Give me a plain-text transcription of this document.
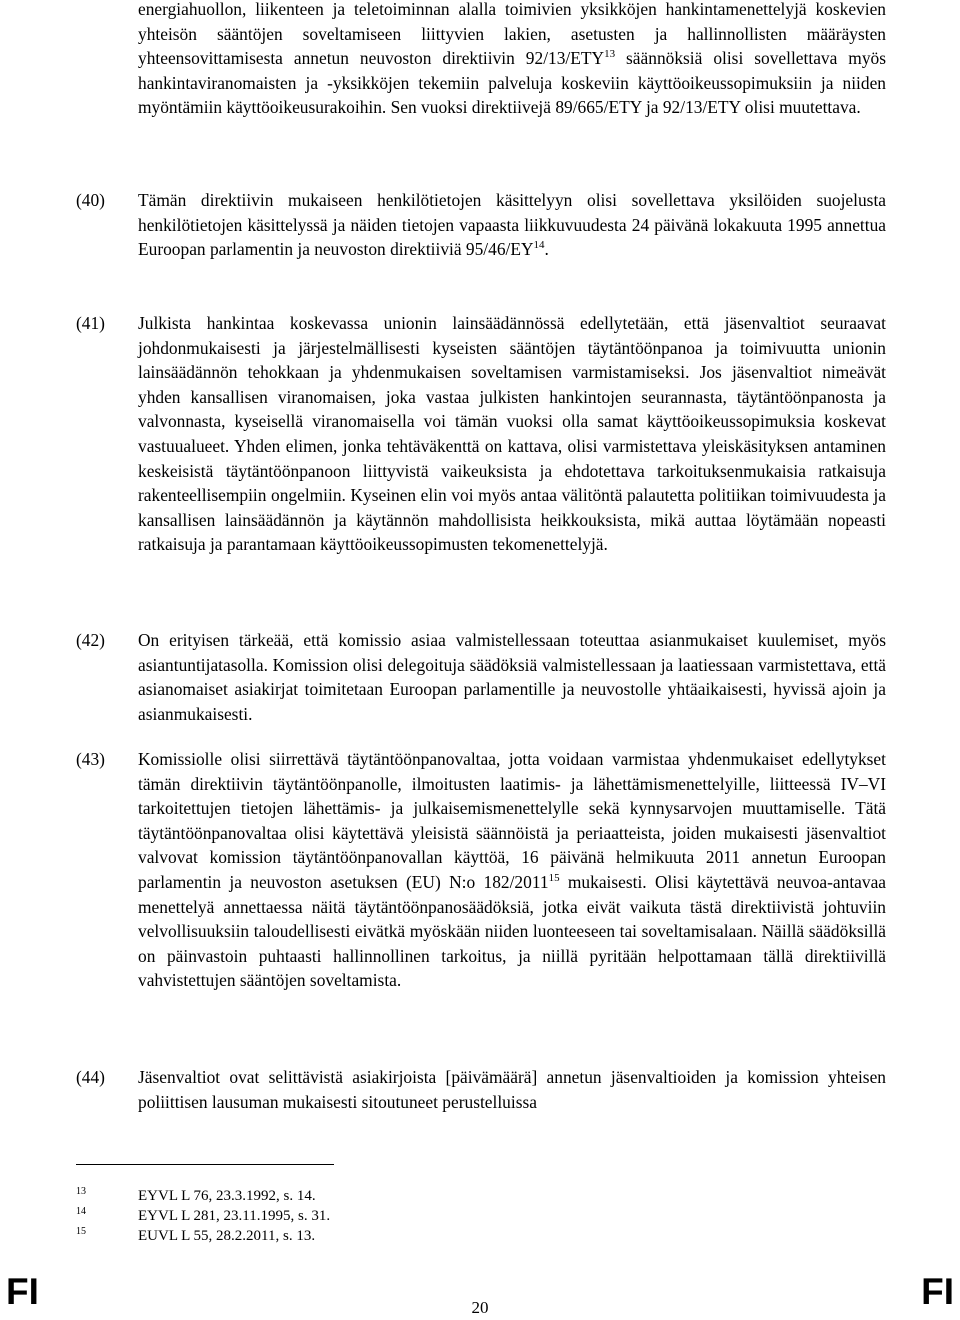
energiahuollon, liikenteen ja teletoiminnan alalla toimivien yksikköjen hankintamenettelyjä koskevien yhteisön sääntöjen soveltamiseen liittyvien lakien, asetusten ja hallinnollisten määräysten yhteensovittamisesta annetun neuvoston direktiivin 92/13/ETY$^{13}$ säännöksiä olisi sovellettava myös hankintaviranomaisten ja -yksikköjen tekemiin palveluja koskeviin käyttöoikeussopimuksiin ja niiden myöntämiin käyttöoikeusurakoihin. Sen vuoksi direktiivejä 89/665/ETY ja 92/13/ETY olisi muutettava.
(40) Tämän direktiivin mukaiseen henkilötietojen käsittelyyn olisi sovellettava yksilöiden suojelusta henkilötietojen käsittelyssä ja näiden tietojen vapaasta liikkuvuudesta 24 päivänä lokakuuta 1995 annettua Euroopan parlamentin ja neuvoston direktiiviä 95/46/EY$^{14}$.
(41) Julkista hankintaa koskevassa unionin lainsäädännössä edellytetään, että jäsenvaltiot seuraavat johdonmukaisesti ja järjestelmällisesti kyseisten sääntöjen täytäntöönpanoa ja toimivuutta unionin lainsäädännön tehokkaan ja yhdenmukaisen soveltamisen varmistamiseksi. Jos jäsenvaltiot nimeävät yhden kansallisen viranomaisen, joka vastaa julkisten hankintojen seurannasta, täytäntöönpanosta ja valvonnasta, kyseisellä viranomaisella voi tämän vuoksi olla samat käyttöoikeussopimuksia koskevat vastuualueet. Yhden elimen, jonka tehtäväkenttä on kattava, olisi varmistettava yleiskäsityksen antaminen keskeisistä täytäntöönpanoon liittyvistä vaikeuksista ja ehdotettava tarkoituksenmukaisia ratkaisuja rakenteellisempiin ongelmiin. Kyseinen elin voi myös antaa välitöntä palautetta politiikan toimivuudesta ja kansallisen lainsäädännön ja käytännön mahdollisista heikkouksista, mikä auttaa löytämään nopeasti ratkaisuja ja parantamaan käyttöoikeussopimusten tekomenettelyjä.
(42) On erityisen tärkeää, että komissio asiaa valmistellessaan toteuttaa asianmukaiset kuulemiset, myös asiantuntijatasolla. Komission olisi delegoituja säädöksiä valmistellessaan ja laatiessaan varmistettava, että asianomaiset asiakirjat toimitetaan Euroopan parlamentille ja neuvostolle yhtäaikaisesti, hyvissä ajoin ja asianmukaisesti.
(43) Komissiolle olisi siirrettävä täytäntöönpanovaltaa, jotta voidaan varmistaa yhdenmukaiset edellytykset tämän direktiivin täytäntöönpanolle, ilmoitusten laatimis- ja lähettämismenettelyille, liitteessä IV–VI tarkoitettujen tietojen lähettämis- ja julkaisemismenettelylle sekä kynnysarvojen muuttamiselle. Tätä täytäntöönpanovaltaa olisi käytettävä yleisistä säännöistä ja periaatteista, joiden mukaisesti jäsenvaltiot valvovat komission täytäntöönpanovallan käyttöä, 16 päivänä helmikuuta 2011 annetun Euroopan parlamentin ja neuvoston asetuksen (EU) N:o 182/2011$^{15}$ mukaisesti. Olisi käytettävä neuvoa-antavaa menettelyä annettaessa näitä täytäntöönpanosäädöksiä, jotka eivät vaikuta tästä direktiivistä johtuviin velvollisuuksiin taloudellisesti eivätkä myöskään niiden luonteeseen tai soveltamisalaan. Näillä säädöksillä on päinvastoin puhtaasti hallinnollinen tarkoitus, ja niillä pyritään helpottamaan tällä direktiivillä vahvistettujen sääntöjen soveltamista.
(44) Jäsenvaltiot ovat selittävistä asiakirjoista [päivämäärä] annetun jäsenvaltioiden ja komission yhteisen poliittisen lausuman mukaisesti sitoutuneet perustelluissa
13	EYVL L 76, 23.3.1992, s. 14.
14	EYVL L 281, 23.11.1995, s. 31.
15	EUVL L 55, 28.2.2011, s. 13.
FI	20	FI
